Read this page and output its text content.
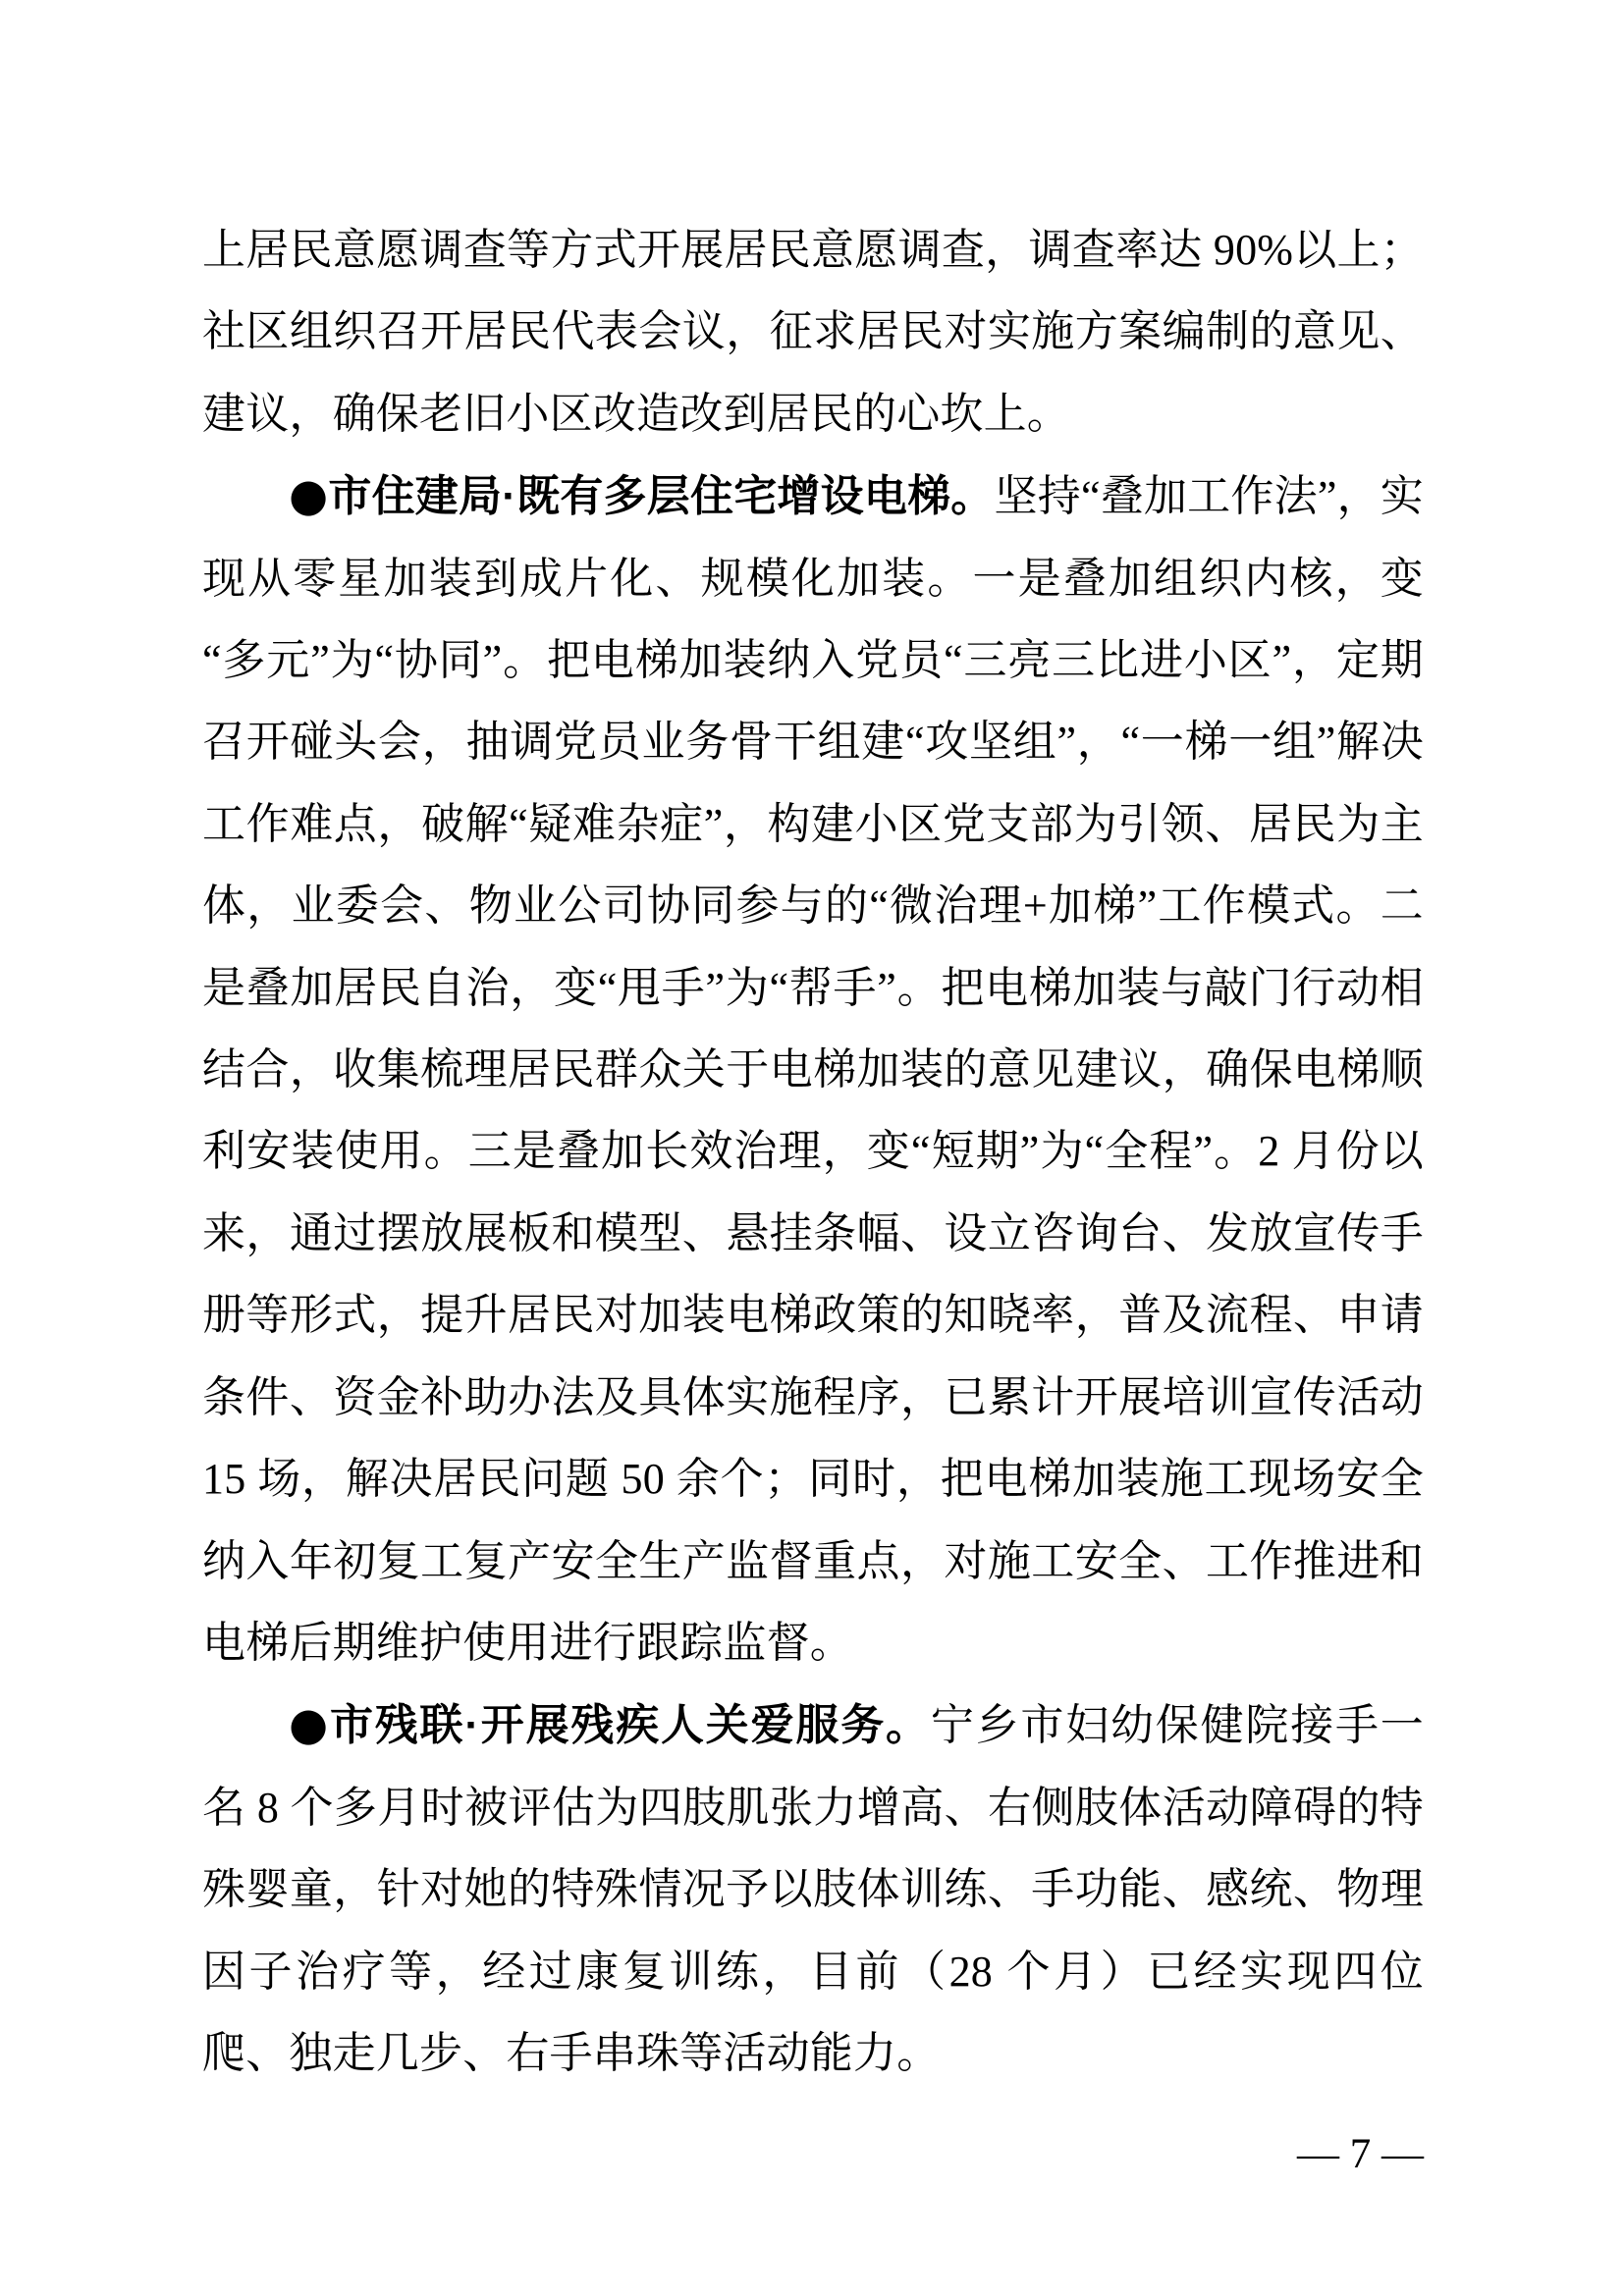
上居民意愿调查等方式开展居民意愿调查，调查率达 90%以上；社区组织召开居民代表会议，征求居民对实施方案编制的意见、建议，确保老旧小区改造改到居民的心坎上。

●市住建局·既有多层住宅增设电梯。坚持“叠加工作法”，实现从零星加装到成片化、规模化加装。一是叠加组织内核，变“多元”为“协同”。把电梯加装纳入党员“三亮三比进小区”，定期召开碰头会，抽调党员业务骨干组建“攻坚组”，“一梯一组”解决工作难点，破解“疑难杂症”，构建小区党支部为引领、居民为主体，业委会、物业公司协同参与的“微治理+加梯”工作模式。二是叠加居民自治，变“甩手”为“帮手”。把电梯加装与敲门行动相结合，收集梳理居民群众关于电梯加装的意见建议，确保电梯顺利安装使用。三是叠加长效治理，变“短期”为“全程”。2 月份以来，通过摆放展板和模型、悬挂条幅、设立咨询台、发放宣传手册等形式，提升居民对加装电梯政策的知晓率，普及流程、申请条件、资金补助办法及具体实施程序，已累计开展培训宣传活动 15 场，解决居民问题 50 余个；同时，把电梯加装施工现场安全纳入年初复工复产安全生产监督重点，对施工安全、工作推进和电梯后期维护使用进行跟踪监督。

●市残联·开展残疾人关爱服务。宁乡市妇幼保健院接手一名 8 个多月时被评估为四肢肌张力增高、右侧肢体活动障碍的特殊婴童，针对她的特殊情况予以肢体训练、手功能、感统、物理因子治疗等，经过康复训练，目前（28 个月）已经实现四位爬、独走几步、右手串珠等活动能力。

— 7 —
